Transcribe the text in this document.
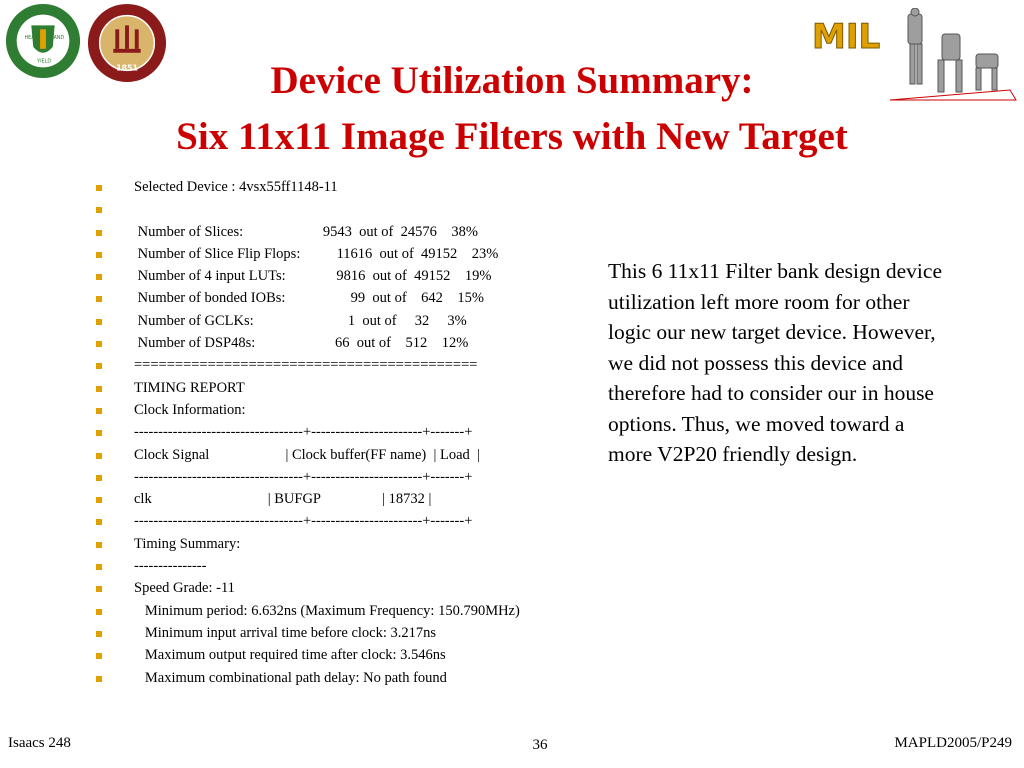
HEAD HAND
YIELD
1851
MIL
Device Utilization Summary:
Six 11x11 Image Filters with New Target
Selected Device : 4vsx55ff1148-11
Number of Slices:                      9543  out of  24576    38%
Number of Slice Flip Flops:          11616  out of  49152    23%
Number of 4 input LUTs:              9816  out of  49152    19%
Number of bonded IOBs:                  99  out of    642    15%
Number of GCLKs:                          1  out of     32     3%
Number of DSP48s:                      66  out of    512    12%
==========================================
TIMING REPORT
Clock Information:
-----------------------------------+-----------------------+-------+
Clock Signal                     | Clock buffer(FF name)  | Load  |
-----------------------------------+-----------------------+-------+
clk                                | BUFGP                 | 18732 |
-----------------------------------+-----------------------+-------+
Timing Summary:
---------------
Speed Grade: -11
Minimum period: 6.632ns (Maximum Frequency: 150.790MHz)
Minimum input arrival time before clock: 3.217ns
Maximum output required time after clock: 3.546ns
Maximum combinational path delay: No path found
This 6 11x11 Filter bank design device utilization left more room for other logic our new target device. However, we did not possess this device and therefore had to consider our in house options. Thus, we moved toward a more V2P20 friendly design.
Isaacs 248	36	MAPLD2005/P249
